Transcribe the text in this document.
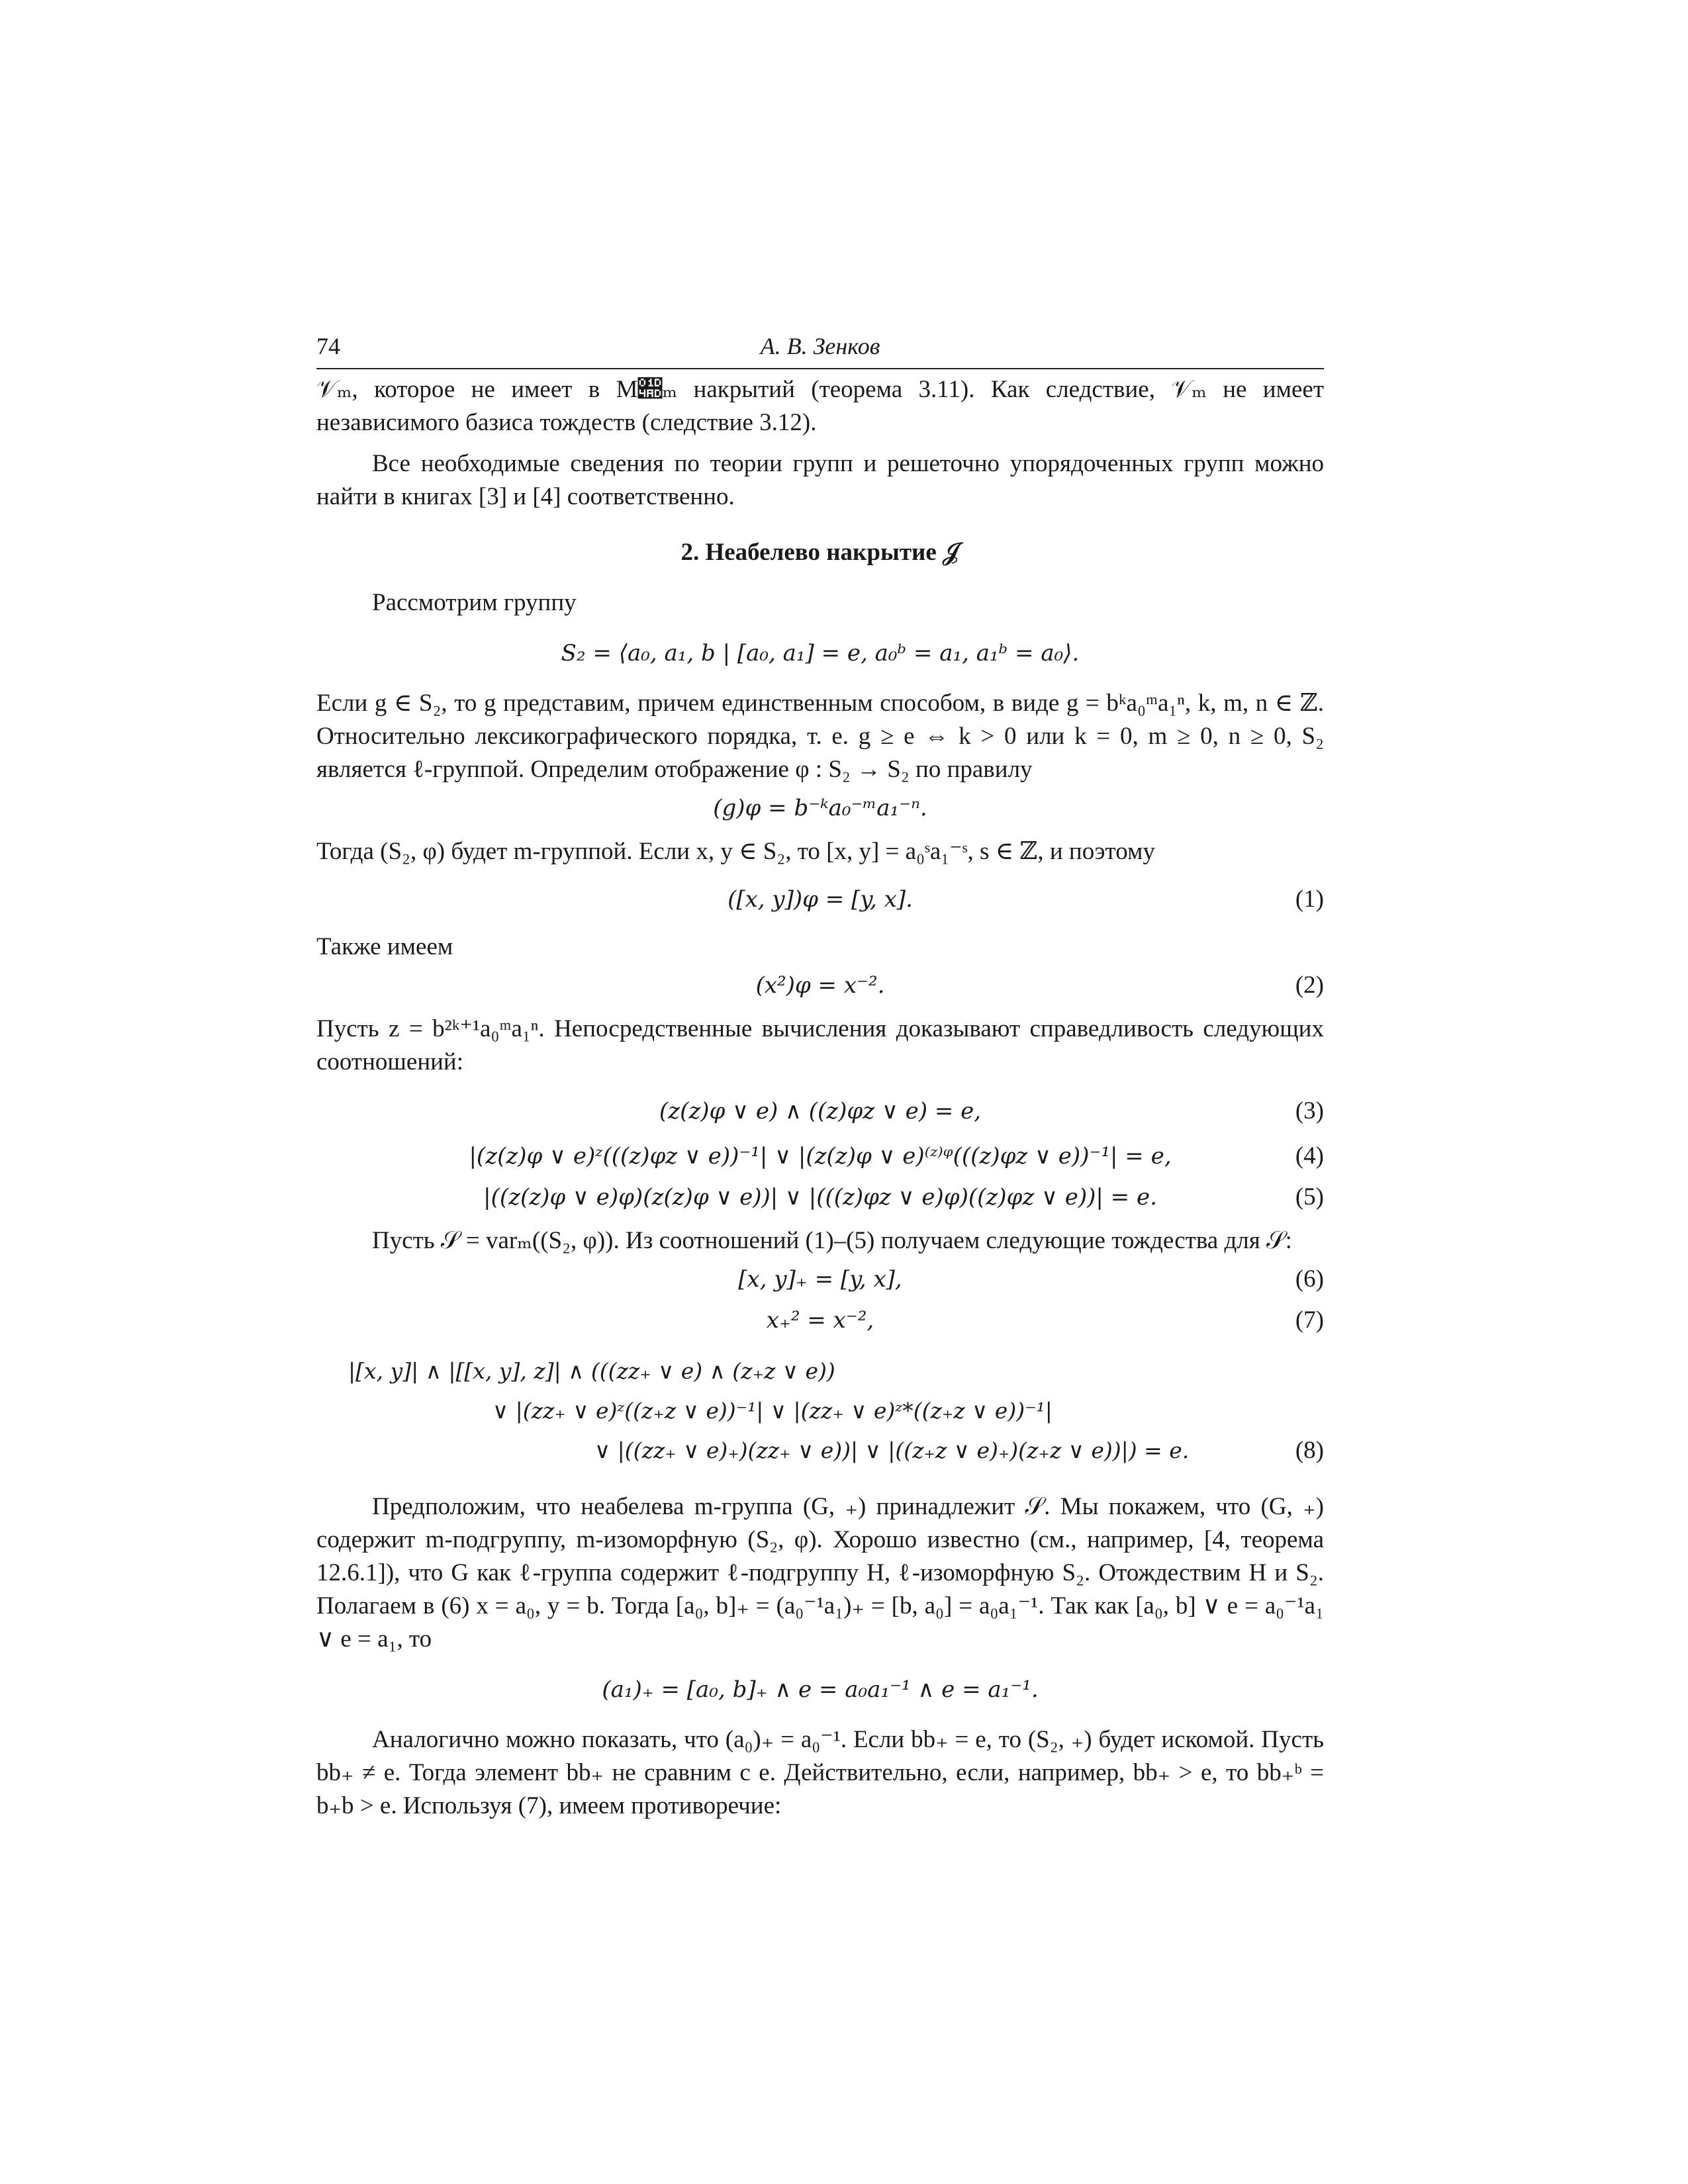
74	А. В. Зенков

𝒱ₘ, которое не имеет в M𝒭ₘ накрытий (теорема 3.11). Как следствие, 𝒱ₘ не имеет независимого базиса тождеств (следствие 3.12).

Все необходимые сведения по теории групп и решеточно упорядоченных групп можно найти в книгах [3] и [4] соответственно.

2. Неабелево накрытие 𝒥

Рассмотрим группу

S₂ = ⟨a₀, a₁, b | [a₀, a₁] = e, a₀ᵇ = a₁, a₁ᵇ = a₀⟩.

Если g ∈ S₂, то g представим, причем единственным способом, в виде g = bᵏa₀ᵐa₁ⁿ, k, m, n ∈ ℤ. Относительно лексикографического порядка, т. е. g ≥ e ⇔ k > 0 или k = 0, m ≥ 0, n ≥ 0, S₂ является ℓ-группой. Определим отображение φ : S₂ → S₂ по правилу

(g)φ = b⁻ᵏa₀⁻ᵐa₁⁻ⁿ.

Тогда (S₂, φ) будет m-группой. Если x, y ∈ S₂, то [x, y] = a₀ˢa₁⁻ˢ, s ∈ ℤ, и поэтому

([x, y])φ = [y, x].	(1)

Также имеем

(x²)φ = x⁻².	(2)

Пусть z = b²ᵏ⁺¹a₀ᵐa₁ⁿ. Непосредственные вычисления доказывают справедливость следующих соотношений:

(z(z)φ ∨ e) ∧ ((z)φz ∨ e) = e,	(3)
|(z(z)φ ∨ e)ᶻ(((z)φz ∨ e))⁻¹| ∨ |(z(z)φ ∨ e)⁽ᶻ⁾ᵠ(((z)φz ∨ e))⁻¹| = e,	(4)
|((z(z)φ ∨ e)φ)(z(z)φ ∨ e))| ∨ |(((z)φz ∨ e)φ)((z)φz ∨ e))| = e.	(5)

Пусть 𝒮 = varₘ((S₂, φ)). Из соотношений (1)–(5) получаем следующие тождества для 𝒮:

[x, y]₊ = [y, x],	(6)
x₊² = x⁻²,	(7)
|[x, y]| ∧ |[[x, y], z]| ∧ (((zz₊ ∨ e) ∧ (z₊z ∨ e))
∨ |(zz₊ ∨ e)ᶻ((z₊z ∨ e))⁻¹| ∨ |(zz₊ ∨ e)ᶻ*((z₊z ∨ e))⁻¹|
∨ |((zz₊ ∨ e)₊)(zz₊ ∨ e))| ∨ |((z₊z ∨ e)₊)(z₊z ∨ e))|) = e.	(8)

Предположим, что неабелева m-группа (G, ₊) принадлежит 𝒮. Мы покажем, что (G, ₊) содержит m-подгруппу, m-изоморфную (S₂, φ). Хорошо известно (см., например, [4, теорема 12.6.1]), что G как ℓ-группа содержит ℓ-подгруппу H, ℓ-изоморфную S₂. Отождествим H и S₂. Полагаем в (6) x = a₀, y = b. Тогда [a₀, b]₊ = (a₀⁻¹a₁)₊ = [b, a₀] = a₀a₁⁻¹. Так как [a₀, b] ∨ e = a₀⁻¹a₁ ∨ e = a₁, то

(a₁)₊ = [a₀, b]₊ ∧ e = a₀a₁⁻¹ ∧ e = a₁⁻¹.

Аналогично можно показать, что (a₀)₊ = a₀⁻¹. Если bb₊ = e, то (S₂, ₊) будет искомой. Пусть bb₊ ≠ e. Тогда элемент bb₊ не сравним с e. Действительно, если, например, bb₊ > e, то bb₊ᵇ = b₊b > e. Используя (7), имеем противоречие:
